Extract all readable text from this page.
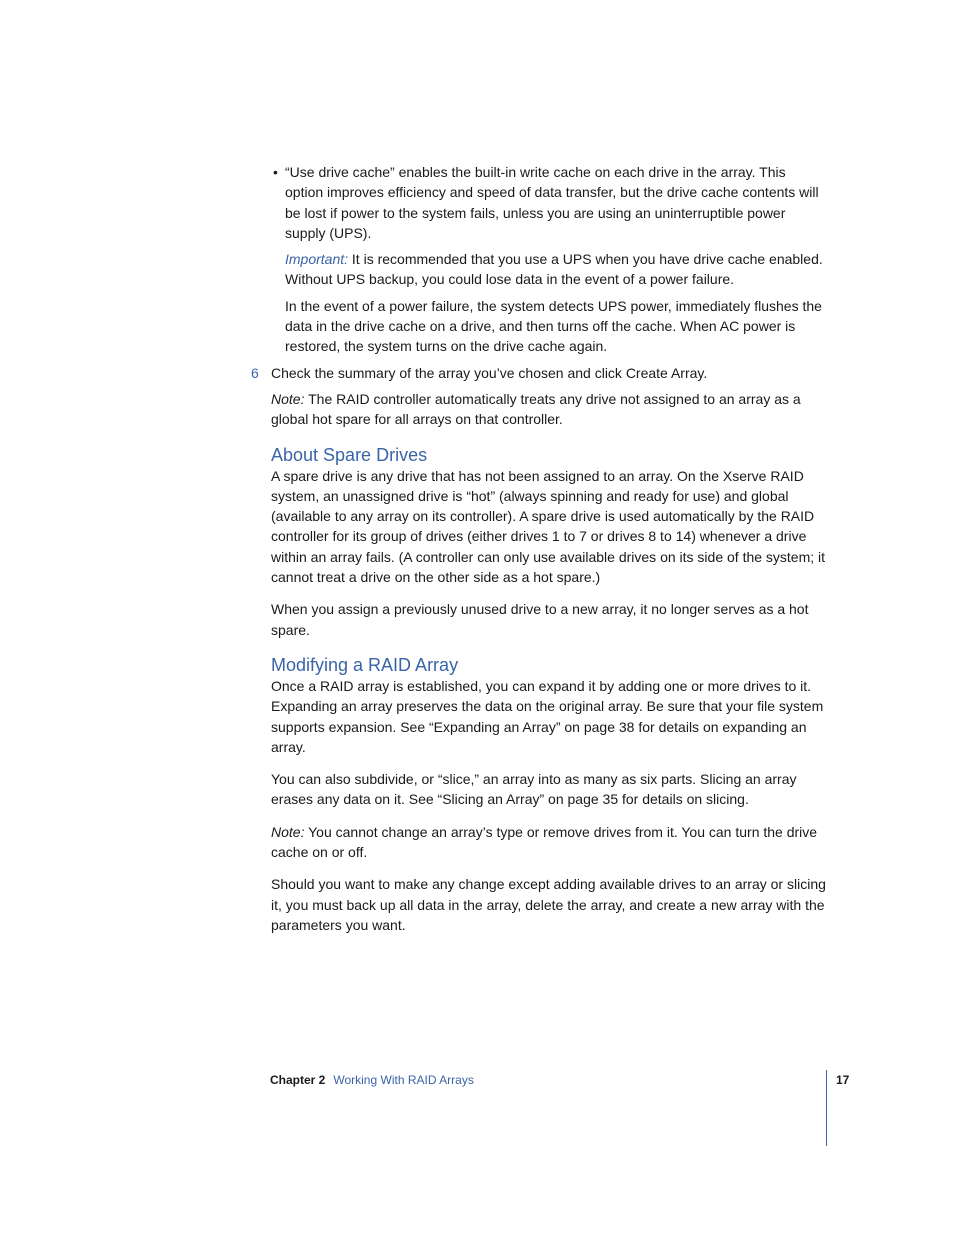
• “Use drive cache” enables the built-in write cache on each drive in the array. This option improves efficiency and speed of data transfer, but the drive cache contents will be lost if power to the system fails, unless you are using an uninterruptible power supply (UPS).

Important: It is recommended that you use a UPS when you have drive cache enabled. Without UPS backup, you could lose data in the event of a power failure.

In the event of a power failure, the system detects UPS power, immediately flushes the data in the drive cache on a drive, and then turns off the cache. When AC power is restored, the system turns on the drive cache again.

6 Check the summary of the array you’ve chosen and click Create Array.

Note: The RAID controller automatically treats any drive not assigned to an array as a global hot spare for all arrays on that controller.

About Spare Drives

A spare drive is any drive that has not been assigned to an array. On the Xserve RAID system, an unassigned drive is “hot” (always spinning and ready for use) and global (available to any array on its controller). A spare drive is used automatically by the RAID controller for its group of drives (either drives 1 to 7 or drives 8 to 14) whenever a drive within an array fails. (A controller can only use available drives on its side of the system; it cannot treat a drive on the other side as a hot spare.)

When you assign a previously unused drive to a new array, it no longer serves as a hot spare.

Modifying a RAID Array

Once a RAID array is established, you can expand it by adding one or more drives to it. Expanding an array preserves the data on the original array. Be sure that your file system supports expansion. See “Expanding an Array” on page 38 for details on expanding an array.

You can also subdivide, or “slice,” an array into as many as six parts. Slicing an array erases any data on it. See “Slicing an Array” on page 35 for details on slicing.

Note: You cannot change an array’s type or remove drives from it. You can turn the drive cache on or off.

Should you want to make any change except adding available drives to an array or slicing it, you must back up all data in the array, delete the array, and create a new array with the parameters you want.

Chapter 2 Working With RAID Arrays	17
